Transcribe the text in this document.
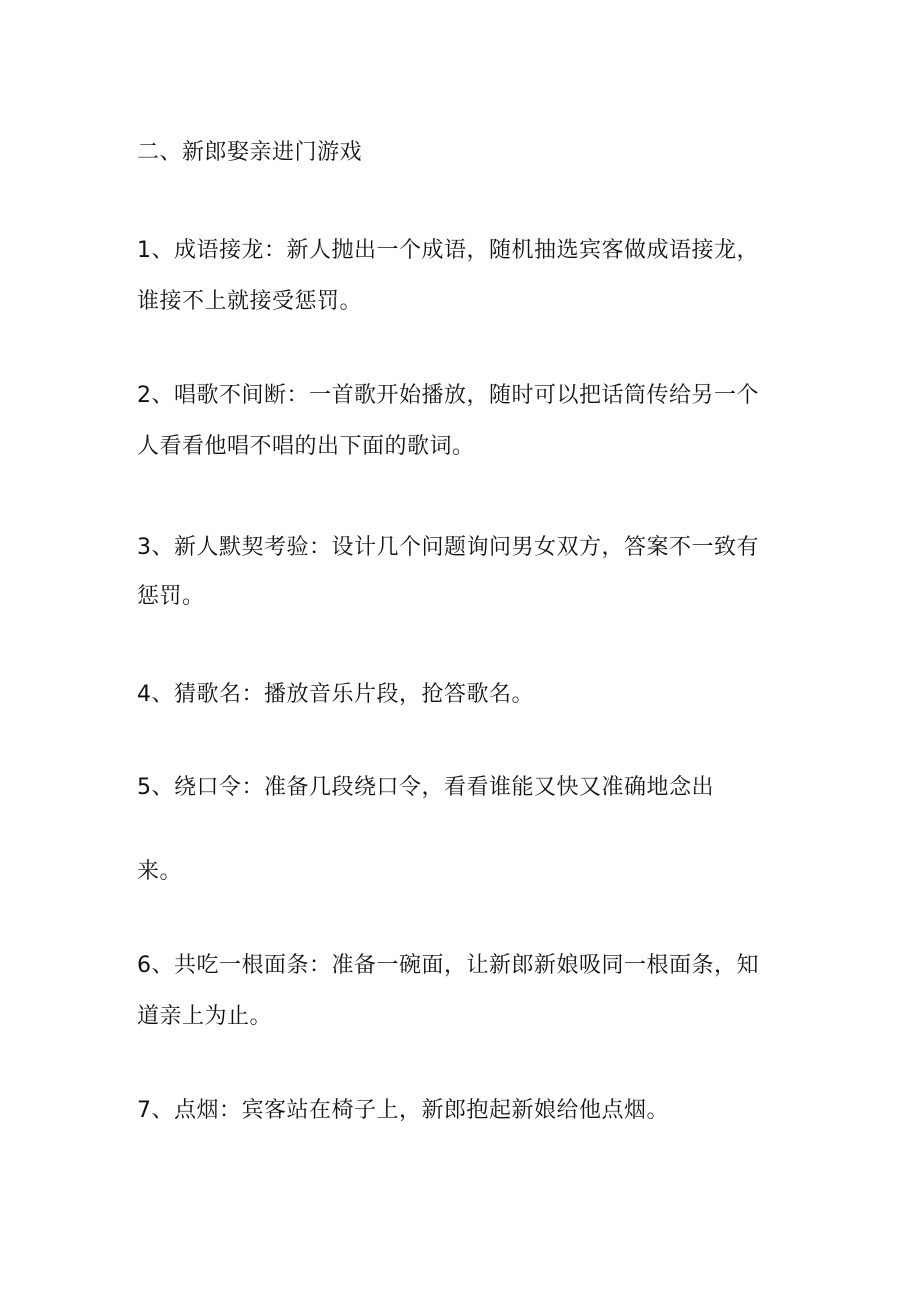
二、新郎娶亲进门游戏

1、成语接龙：新人抛出一个成语，随机抽选宾客做成语接龙，

谁接不上就接受惩罚。

2、唱歌不间断：一首歌开始播放，随时可以把话筒传给另一个

人看看他唱不唱的出下面的歌词。

3、新人默契考验：设计几个问题询问男女双方，答案不一致有

惩罚。

4、猜歌名：播放音乐片段，抢答歌名。

5、绕口令：准备几段绕口令，看看谁能又快又准确地念出

来。

6、共吃一根面条：准备一碗面，让新郎新娘吸同一根面条，知

道亲上为止。

7、点烟：宾客站在椅子上，新郎抱起新娘给他点烟。
